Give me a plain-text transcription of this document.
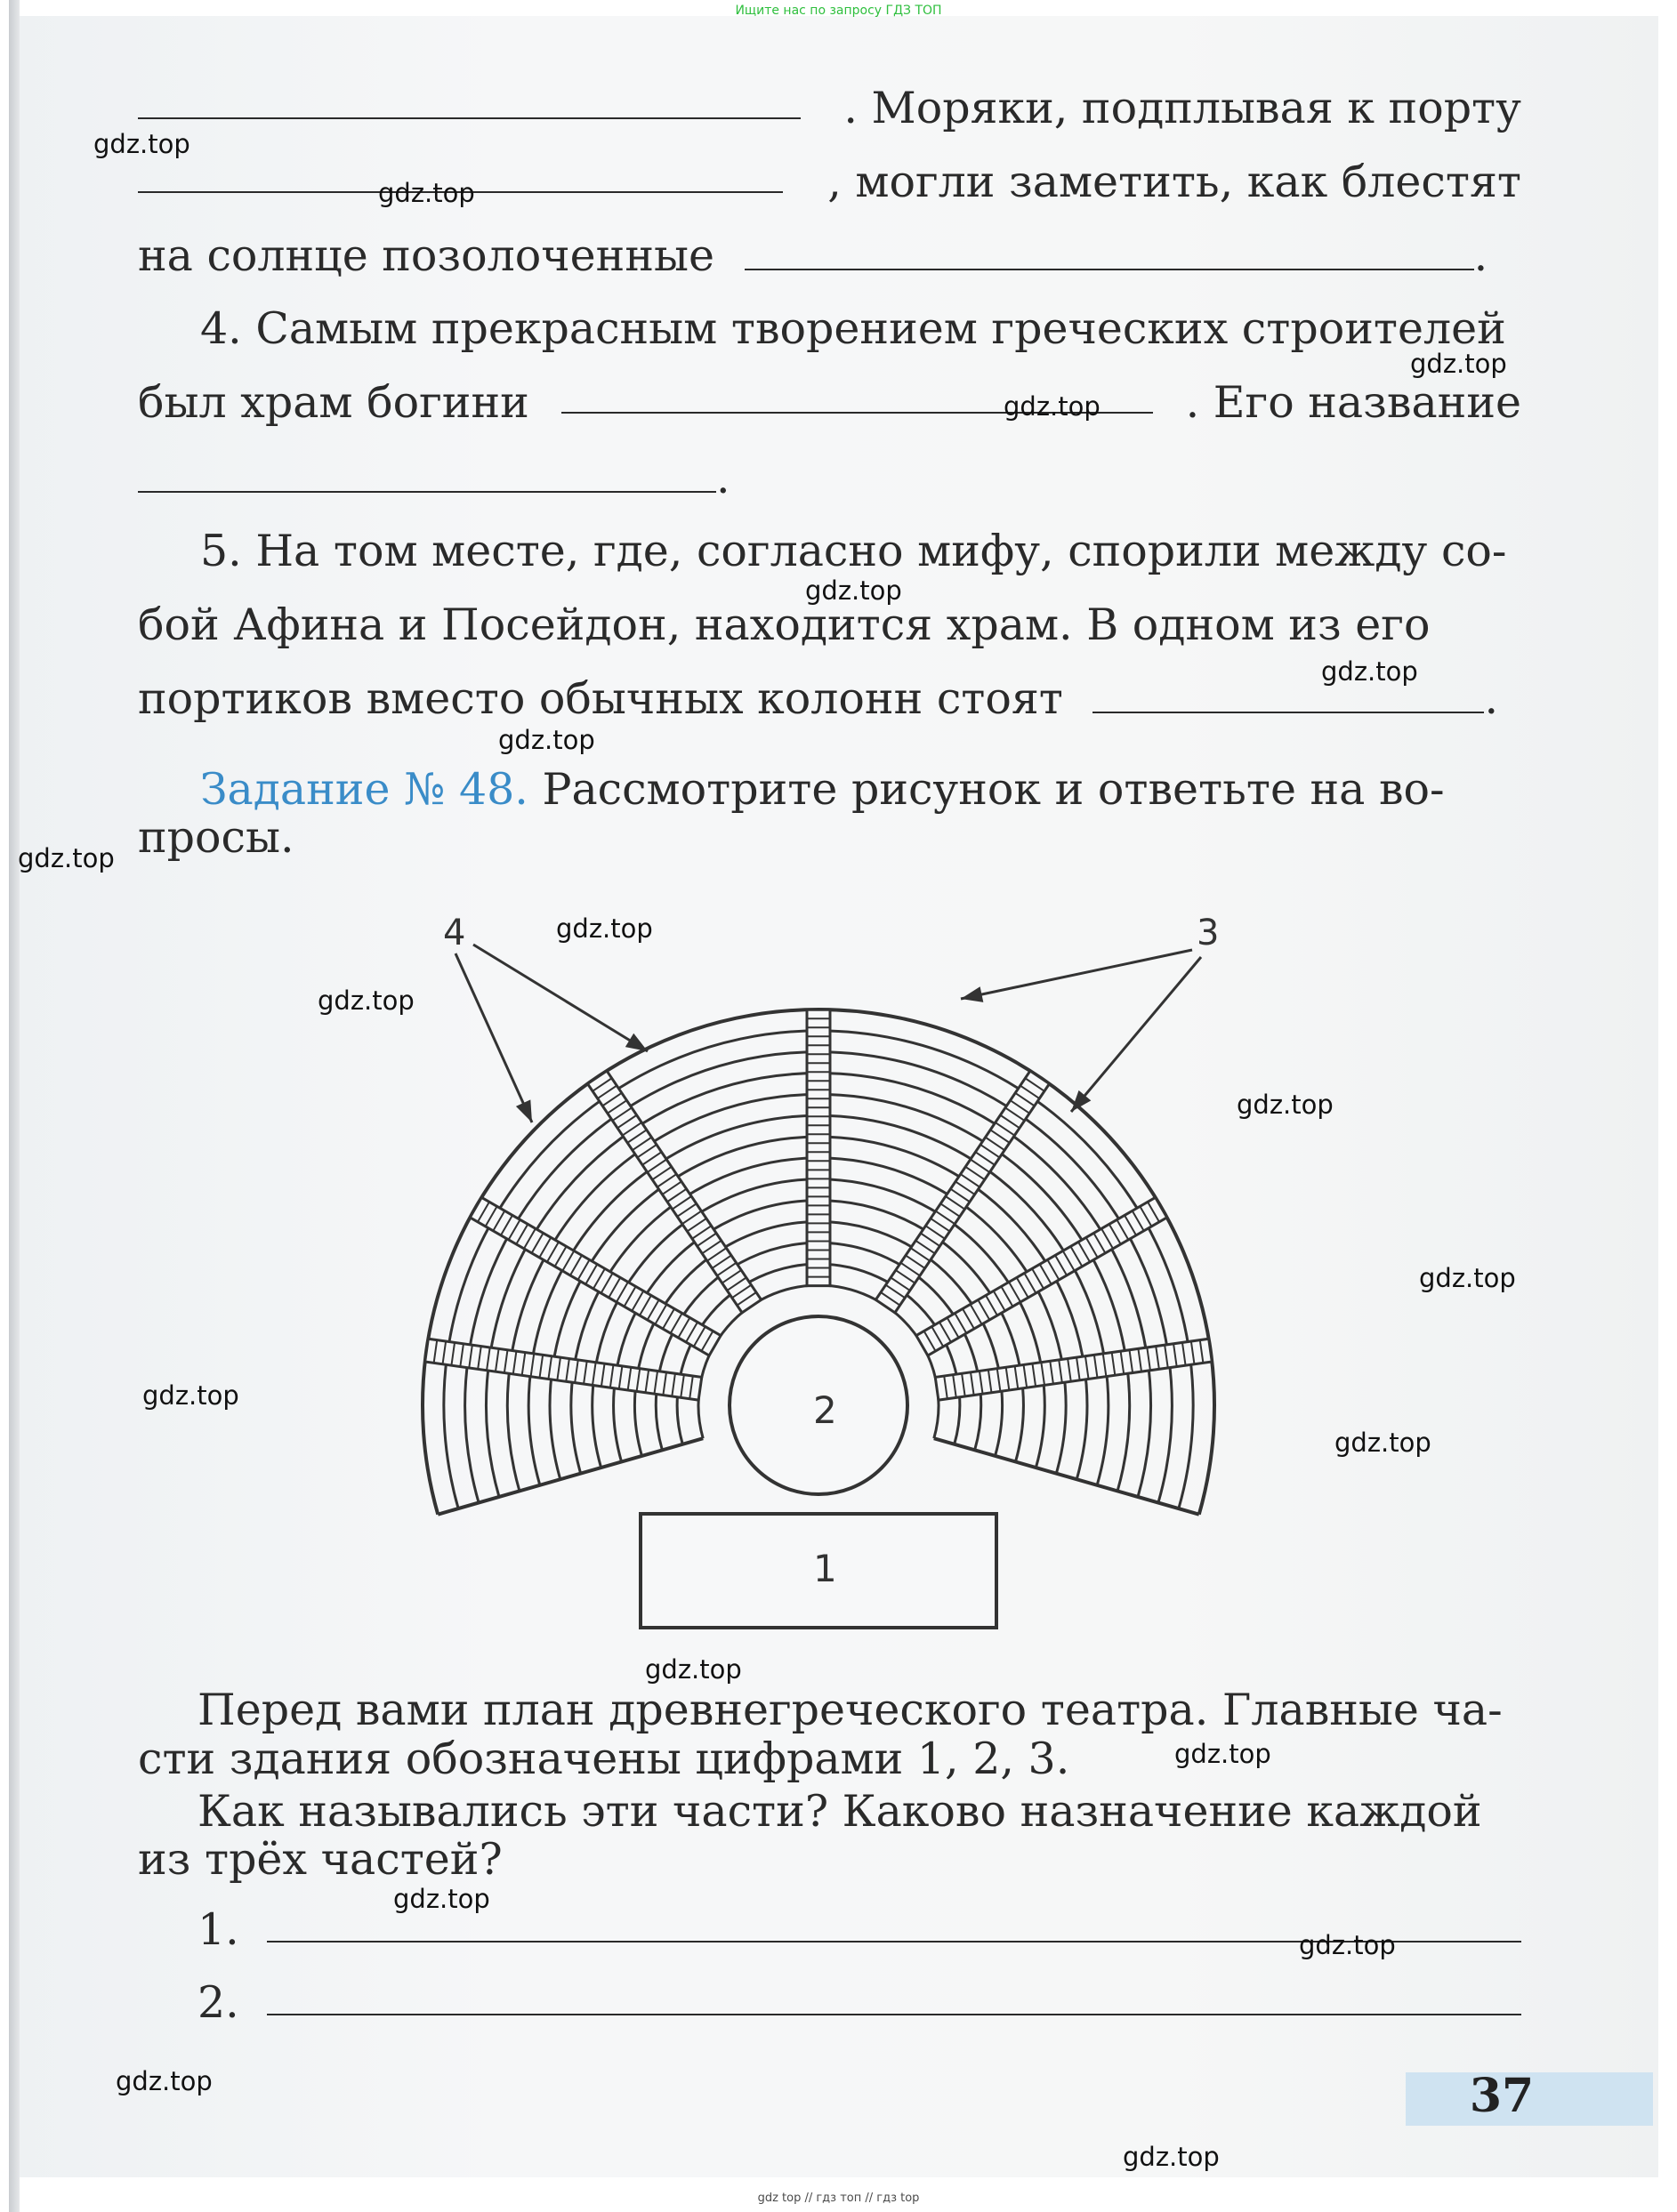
Ищите нас по запросу ГДЗ ТОП
. Моряки, подплывая к порту
, могли заметить, как блестят
на солнце позолоченные	.
4. Самым прекрасным творением греческих строителей
был храм богини	. Его название
.
5. На том месте, где, согласно мифу, спорили между со-
бой Афина и Посейдон, находится храм. В одном из его
портиков вместо обычных колонн стоят	.
Задание № 48. Рассмотрите рисунок и ответьте на во-
просы.
4	3
2
1
Перед вами план древнегреческого театра. Главные ча-
сти здания обозначены цифрами 1, 2, 3.
Как назывались эти части? Каково назначение каждой
из трёх частей?
1.
2.
37
gdz.top
gdz.top
gdz.top
gdz.top
gdz.top
gdz.top
gdz.top
gdz.top
gdz.top
gdz.top
gdz.top
gdz.top
gdz.top
gdz.top
gdz.top
gdz.top
gdz.top
gdz.top
gdz.top
gdz.top
gdz top // гдз топ // гдз top
